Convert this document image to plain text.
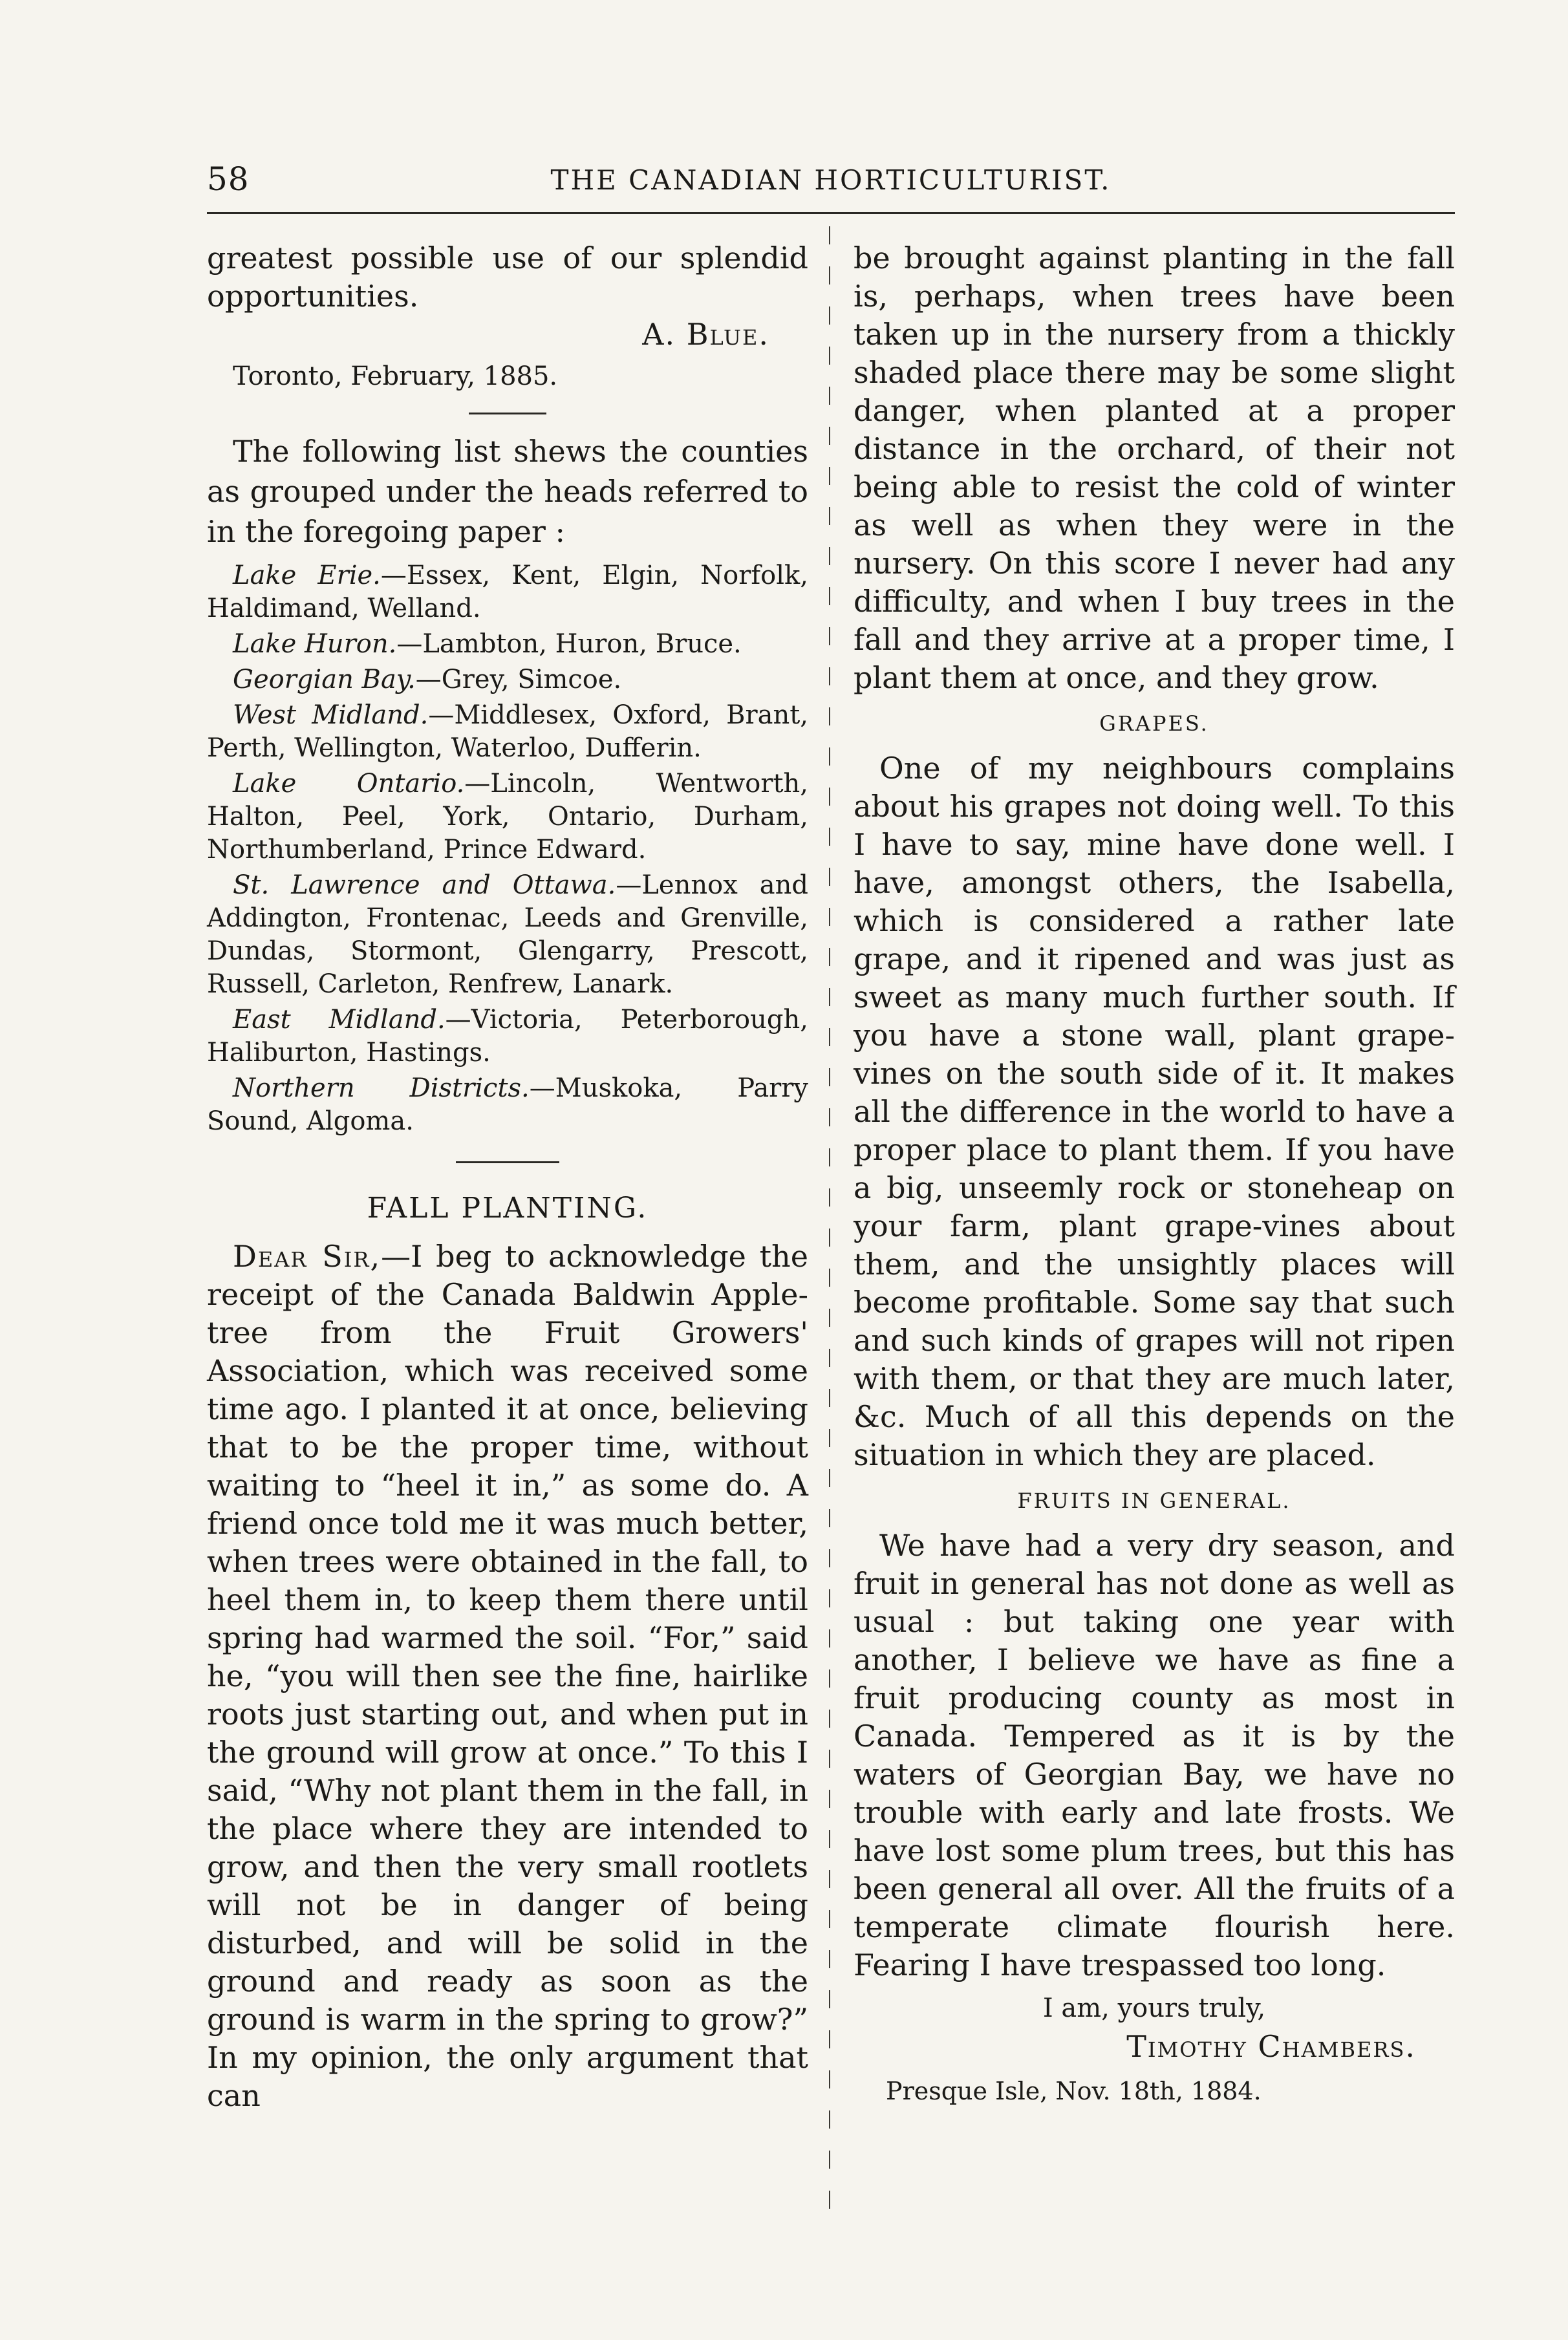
58	THE CANADIAN HORTICULTURIST.

greatest possible use of our splendid opportunities.

A. Blue.

Toronto, February, 1885.

The following list shews the counties as grouped under the heads referred to in the foregoing paper :

Lake Erie.—Essex, Kent, Elgin, Norfolk, Haldimand, Welland.

Lake Huron.—Lambton, Huron, Bruce.

Georgian Bay.—Grey, Simcoe.

West Midland.—Middlesex, Oxford, Brant, Perth, Wellington, Waterloo, Dufferin.

Lake Ontario.—Lincoln, Wentworth, Halton, Peel, York, Ontario, Durham, Northumberland, Prince Edward.

St. Lawrence and Ottawa.—Lennox and Addington, Frontenac, Leeds and Grenville, Dundas, Stormont, Glengarry, Prescott, Russell, Carleton, Renfrew, Lanark.

East Midland.—Victoria, Peterborough, Haliburton, Hastings.

Northern Districts.—Muskoka, Parry Sound, Algoma.

FALL PLANTING.

Dear Sir,—I beg to acknowledge the receipt of the Canada Baldwin Apple-tree from the Fruit Growers' Association, which was received some time ago. I planted it at once, believing that to be the proper time, without waiting to “heel it in,” as some do. A friend once told me it was much better, when trees were obtained in the fall, to heel them in, to keep them there until spring had warmed the soil. “For,” said he, “you will then see the fine, hairlike roots just starting out, and when put in the ground will grow at once.” To this I said, “Why not plant them in the fall, in the place where they are intended to grow, and then the very small rootlets will not be in danger of being disturbed, and will be solid in the ground and ready as soon as the ground is warm in the spring to grow?” In my opinion, the only argument that can

be brought against planting in the fall is, perhaps, when trees have been taken up in the nursery from a thickly shaded place there may be some slight danger, when planted at a proper distance in the orchard, of their not being able to resist the cold of winter as well as when they were in the nursery. On this score I never had any difficulty, and when I buy trees in the fall and they arrive at a proper time, I plant them at once, and they grow.

GRAPES.

One of my neighbours complains about his grapes not doing well. To this I have to say, mine have done well. I have, amongst others, the Isabella, which is considered a rather late grape, and it ripened and was just as sweet as many much further south. If you have a stone wall, plant grape-vines on the south side of it. It makes all the difference in the world to have a proper place to plant them. If you have a big, unseemly rock or stoneheap on your farm, plant grape-vines about them, and the unsightly places will become profitable. Some say that such and such kinds of grapes will not ripen with them, or that they are much later, &c. Much of all this depends on the situation in which they are placed.

FRUITS IN GENERAL.

We have had a very dry season, and fruit in general has not done as well as usual : but taking one year with another, I believe we have as fine a fruit producing county as most in Canada. Tempered as it is by the waters of Georgian Bay, we have no trouble with early and late frosts. We have lost some plum trees, but this has been general all over. All the fruits of a temperate climate flourish here. Fearing I have trespassed too long.

I am, yours truly,

Timothy Chambers.

Presque Isle, Nov. 18th, 1884.
